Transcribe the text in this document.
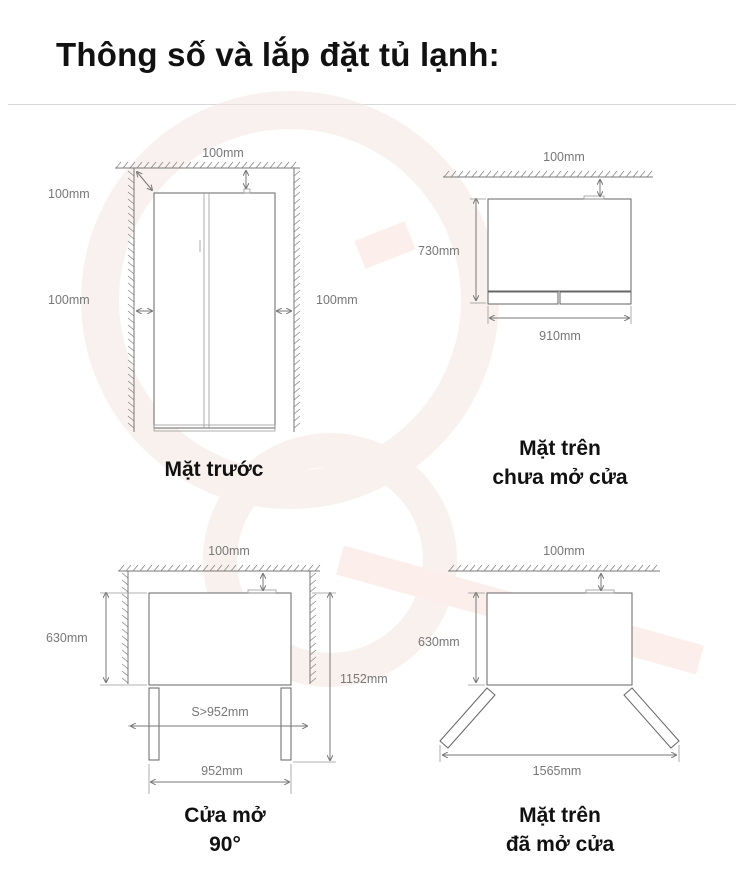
Thông số và lắp đặt tủ lạnh:
100mm
100mm
100mm	100mm
100mm
730mm
910mm
100mm
630mm
1152mm
S>952mm
952mm
100mm
630mm
1565mm
Mặt trước
Mặt trên
chưa mở cửa
Cửa mở
90°
Mặt trên
đã mở cửa
